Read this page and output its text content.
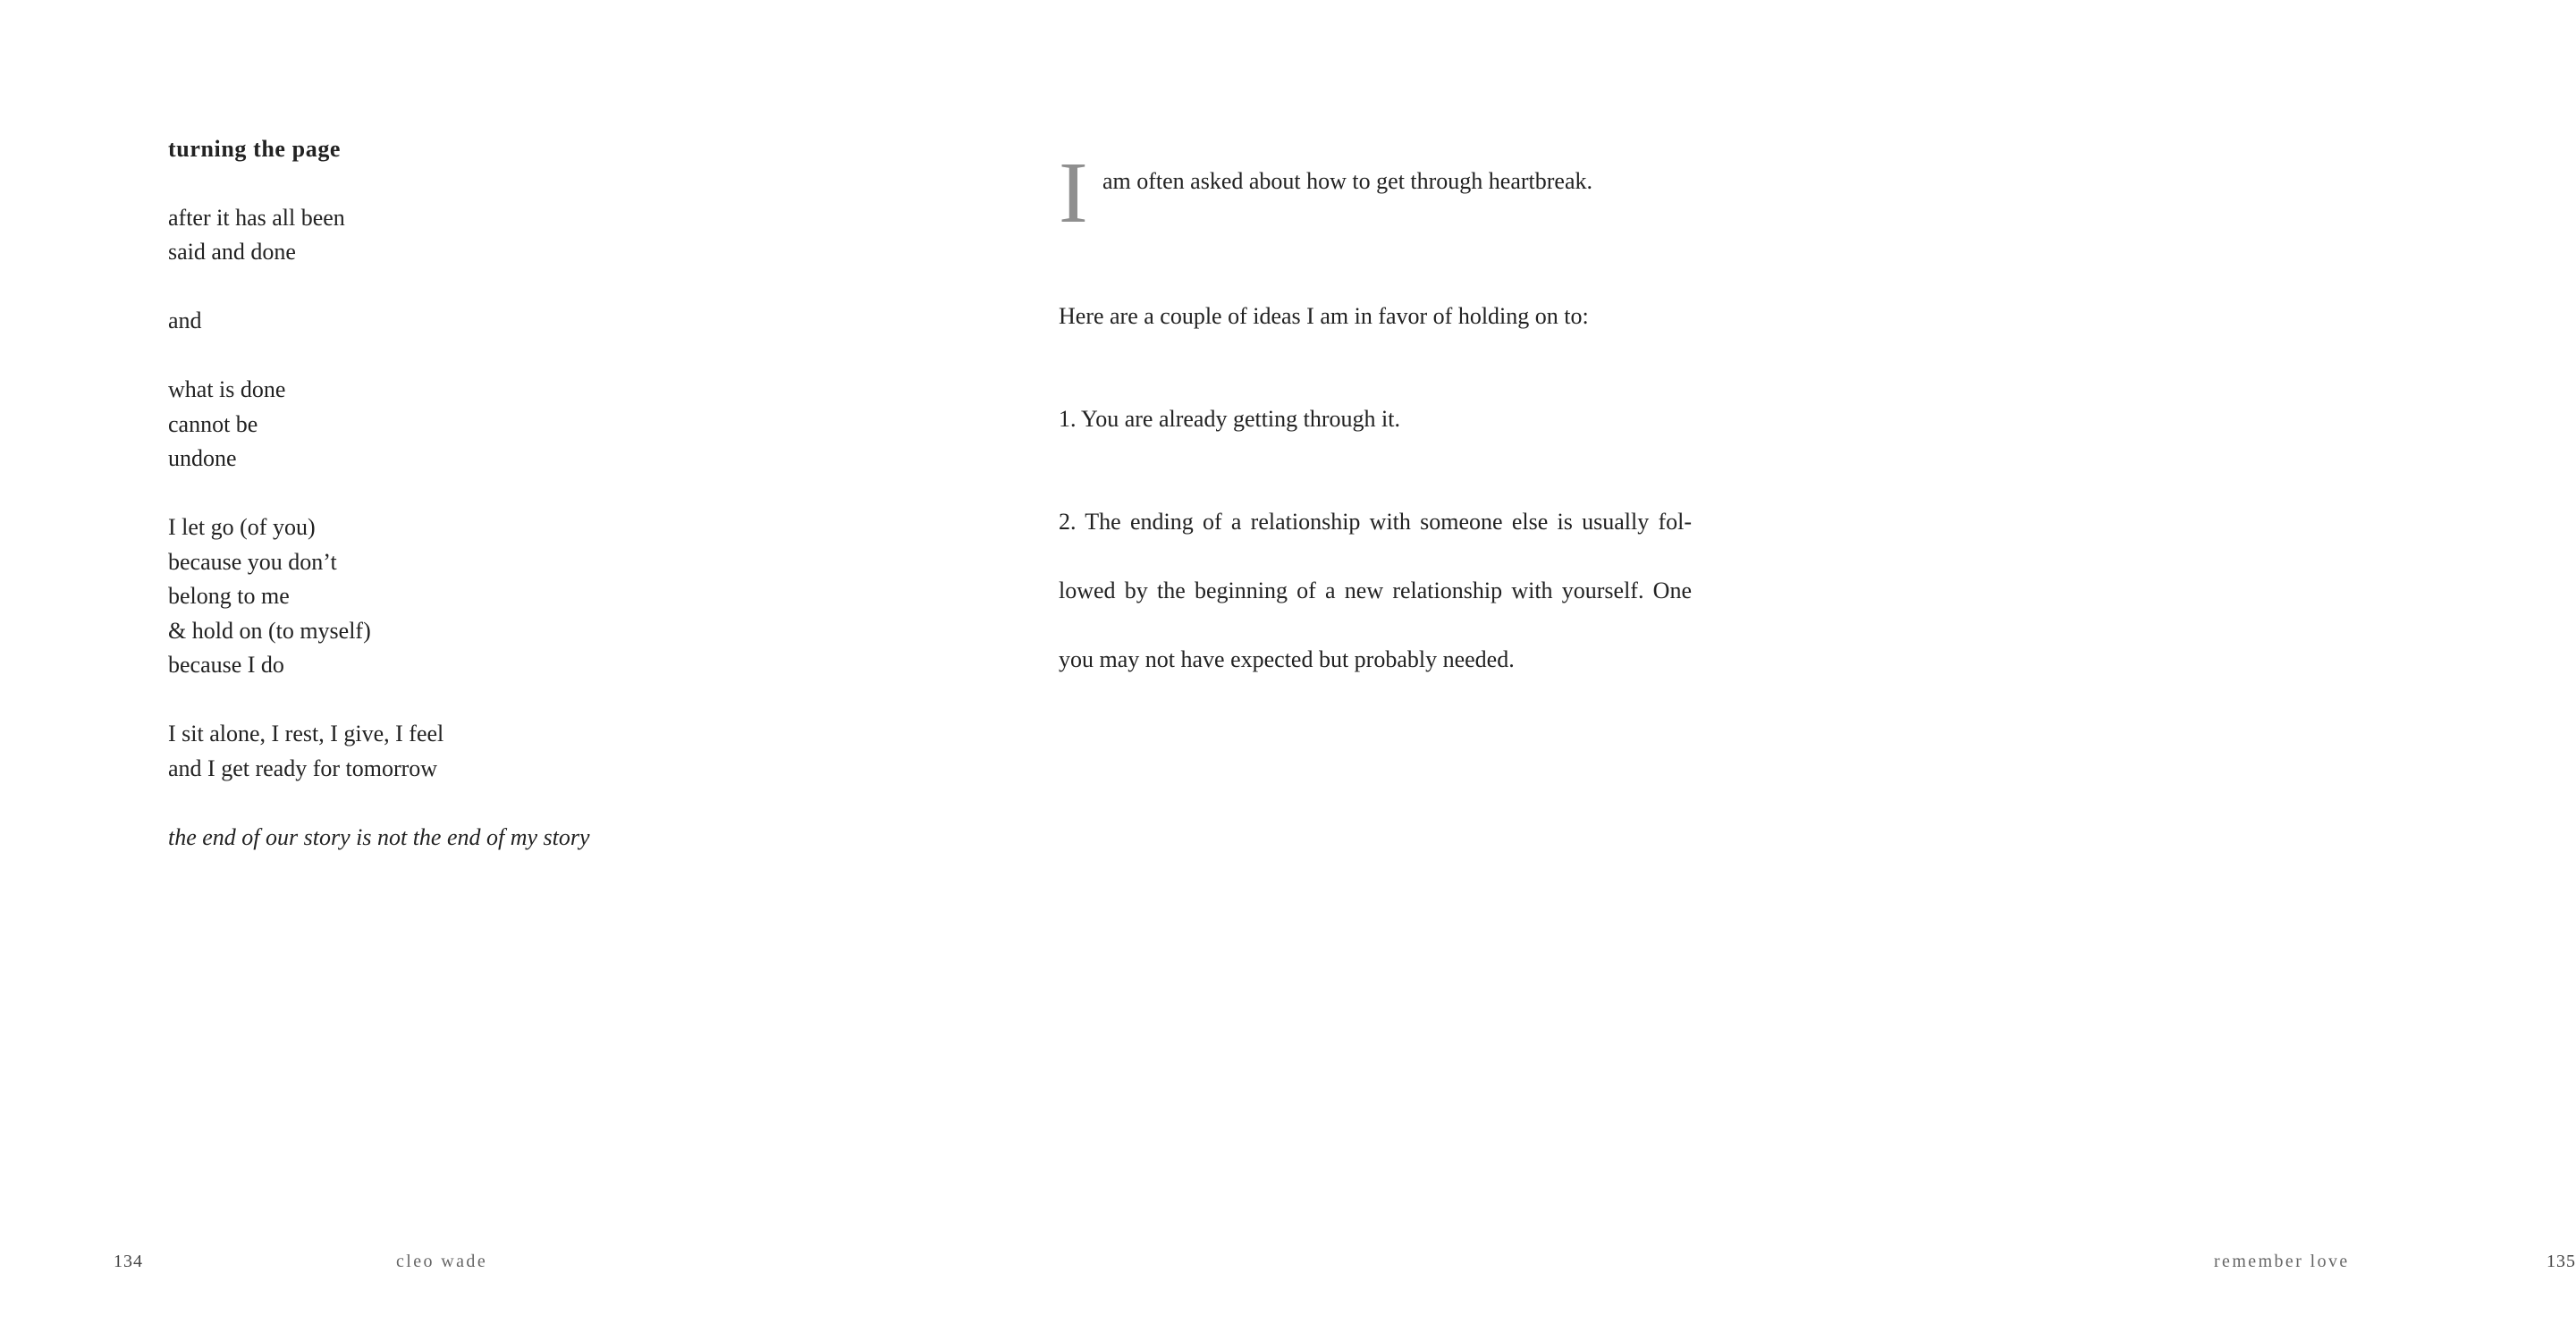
turning the page
after it has all been
said and done
and
what is done
cannot be
undone
I let go (of you)
because you don’t
belong to me
& hold on (to myself)
because I do
I sit alone, I rest, I give, I feel
and I get ready for tomorrow
the end of our story is not the end of my story
134	cleo wade
I am often asked about how to get through heartbreak.

Here are a couple of ideas I am in favor of holding on to:

1. You are already getting through it.

2. The ending of a relationship with someone else is usually fol-lowed by the beginning of a new relationship with yourself. One you may not have expected but probably needed.

remember love	135
